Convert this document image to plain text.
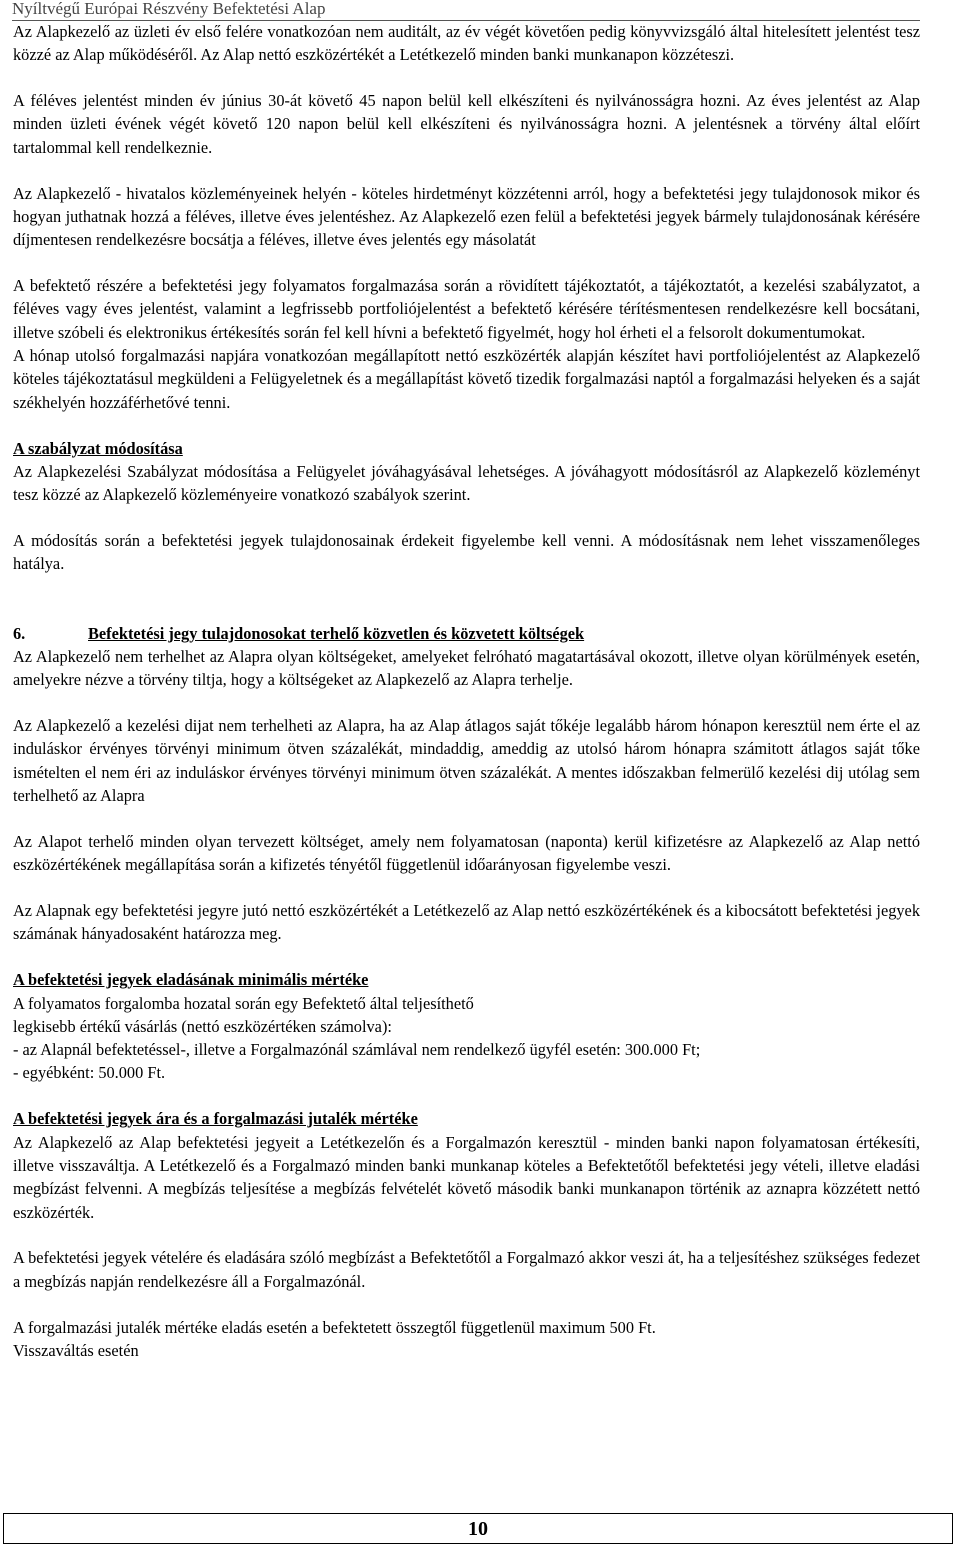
Nyíltvégű Európai Részvény Befektetési Alap

Az Alapkezelő az üzleti év első felére vonatkozóan nem auditált, az év végét követően pedig könyvvizsgáló által hitelesített jelentést tesz közzé az Alap működéséről. Az Alap nettó eszközértékét a Letétkezelő minden banki munkanapon közzéteszi.

A féléves jelentést minden év június 30-át követő 45 napon belül kell elkészíteni és nyilvánosságra hozni. Az éves jelentést az Alap minden üzleti évének végét követő 120 napon belül kell elkészíteni és nyilvánosságra hozni. A jelentésnek a törvény által előírt tartalommal kell rendelkeznie.

Az Alapkezelő - hivatalos közleményeinek helyén - köteles hirdetményt közzétenni arról, hogy a befektetési jegy tulajdonosok mikor és hogyan juthatnak hozzá a féléves, illetve éves jelentéshez. Az Alapkezelő ezen felül a befektetési jegyek bármely tulajdonosának kérésére díjmentesen rendelkezésre bocsátja a féléves, illetve éves jelentés egy másolatát

A befektető részére a befektetési jegy folyamatos forgalmazása során a rövidített tájékoztatót, a tájékoztatót, a kezelési szabályzatot, a féléves vagy éves jelentést, valamint a legfrissebb portfoliójelentést a befektető kérésére térítésmentesen rendelkezésre kell bocsátani, illetve szóbeli és elektronikus értékesítés során fel kell hívni a befektető figyelmét, hogy hol érheti el a felsorolt dokumentumokat.

A hónap utolsó forgalmazási napjára vonatkozóan megállapított nettó eszközérték alapján készítet havi portfoliójelentést az Alapkezelő köteles tájékoztatásul megküldeni a Felügyeletnek és a megállapítást követő tizedik forgalmazási naptól a forgalmazási helyeken és a saját székhelyén hozzáférhetővé tenni.

A szabályzat módosítása

Az Alapkezelési Szabályzat módosítása a Felügyelet jóváhagyásával lehetséges. A jóváhagyott módosításról az Alapkezelő közleményt tesz közzé az Alapkezelő közleményeire vonatkozó szabályok szerint.

A módosítás során a befektetési jegyek tulajdonosainak érdekeit figyelembe kell venni. A módosításnak nem lehet visszamenőleges hatálya.

6.	Befektetési jegy tulajdonosokat terhelő közvetlen és közvetett költségek

Az Alapkezelő nem terhelhet az Alapra olyan költségeket, amelyeket felróható magatartásával okozott, illetve olyan körülmények esetén, amelyekre nézve a törvény tiltja, hogy a költségeket az Alapkezelő az Alapra terhelje.

Az Alapkezelő a kezelési dijat nem terhelheti az Alapra, ha az Alap átlagos saját tőkéje legalább három hónapon keresztül nem érte el az induláskor érvényes törvényi minimum ötven százalékát, mindaddig, ameddig az utolsó három hónapra számitott átlagos saját tőke ismételten el nem éri az induláskor érvényes törvényi minimum ötven százalékát. A mentes időszakban felmerülő kezelési dij utólag sem terhelhető az Alapra

Az Alapot terhelő minden olyan tervezett költséget, amely nem folyamatosan (naponta) kerül kifizetésre az Alapkezelő az Alap nettó eszközértékének megállapítása során a kifizetés tényétől függetlenül időarányosan figyelembe veszi.

Az Alapnak egy befektetési jegyre jutó nettó eszközértékét a Letétkezelő az Alap nettó eszközértékének és a kibocsátott befektetési jegyek számának hányadosaként határozza meg.

A befektetési jegyek eladásának minimális mértéke

A folyamatos forgalomba hozatal során egy Befektető által teljesíthető

legkisebb értékű vásárlás (nettó eszközértéken számolva):

- az Alapnál befektetéssel-, illetve a Forgalmazónál számlával nem rendelkező ügyfél esetén: 300.000 Ft;

- egyébként: 50.000 Ft.

A befektetési jegyek ára és a forgalmazási jutalék mértéke

Az Alapkezelő az Alap befektetési jegyeit a Letétkezelőn és a Forgalmazón keresztül - minden banki napon folyamatosan értékesíti, illetve visszaváltja. A Letétkezelő és a Forgalmazó minden banki munkanap köteles a Befektetőtől befektetési jegy vételi, illetve eladási megbízást felvenni. A megbízás teljesítése a megbízás felvételét követő második banki munkanapon történik az aznapra közzétett nettó eszközérték.

A befektetési jegyek vételére és eladására szóló megbízást a Befektetőtől a Forgalmazó akkor veszi át, ha a teljesítéshez szükséges fedezet a megbízás napján rendelkezésre áll a Forgalmazónál.

A forgalmazási jutalék mértéke eladás esetén a befektetett összegtől függetlenül maximum 500 Ft.

Visszaváltás esetén

10
